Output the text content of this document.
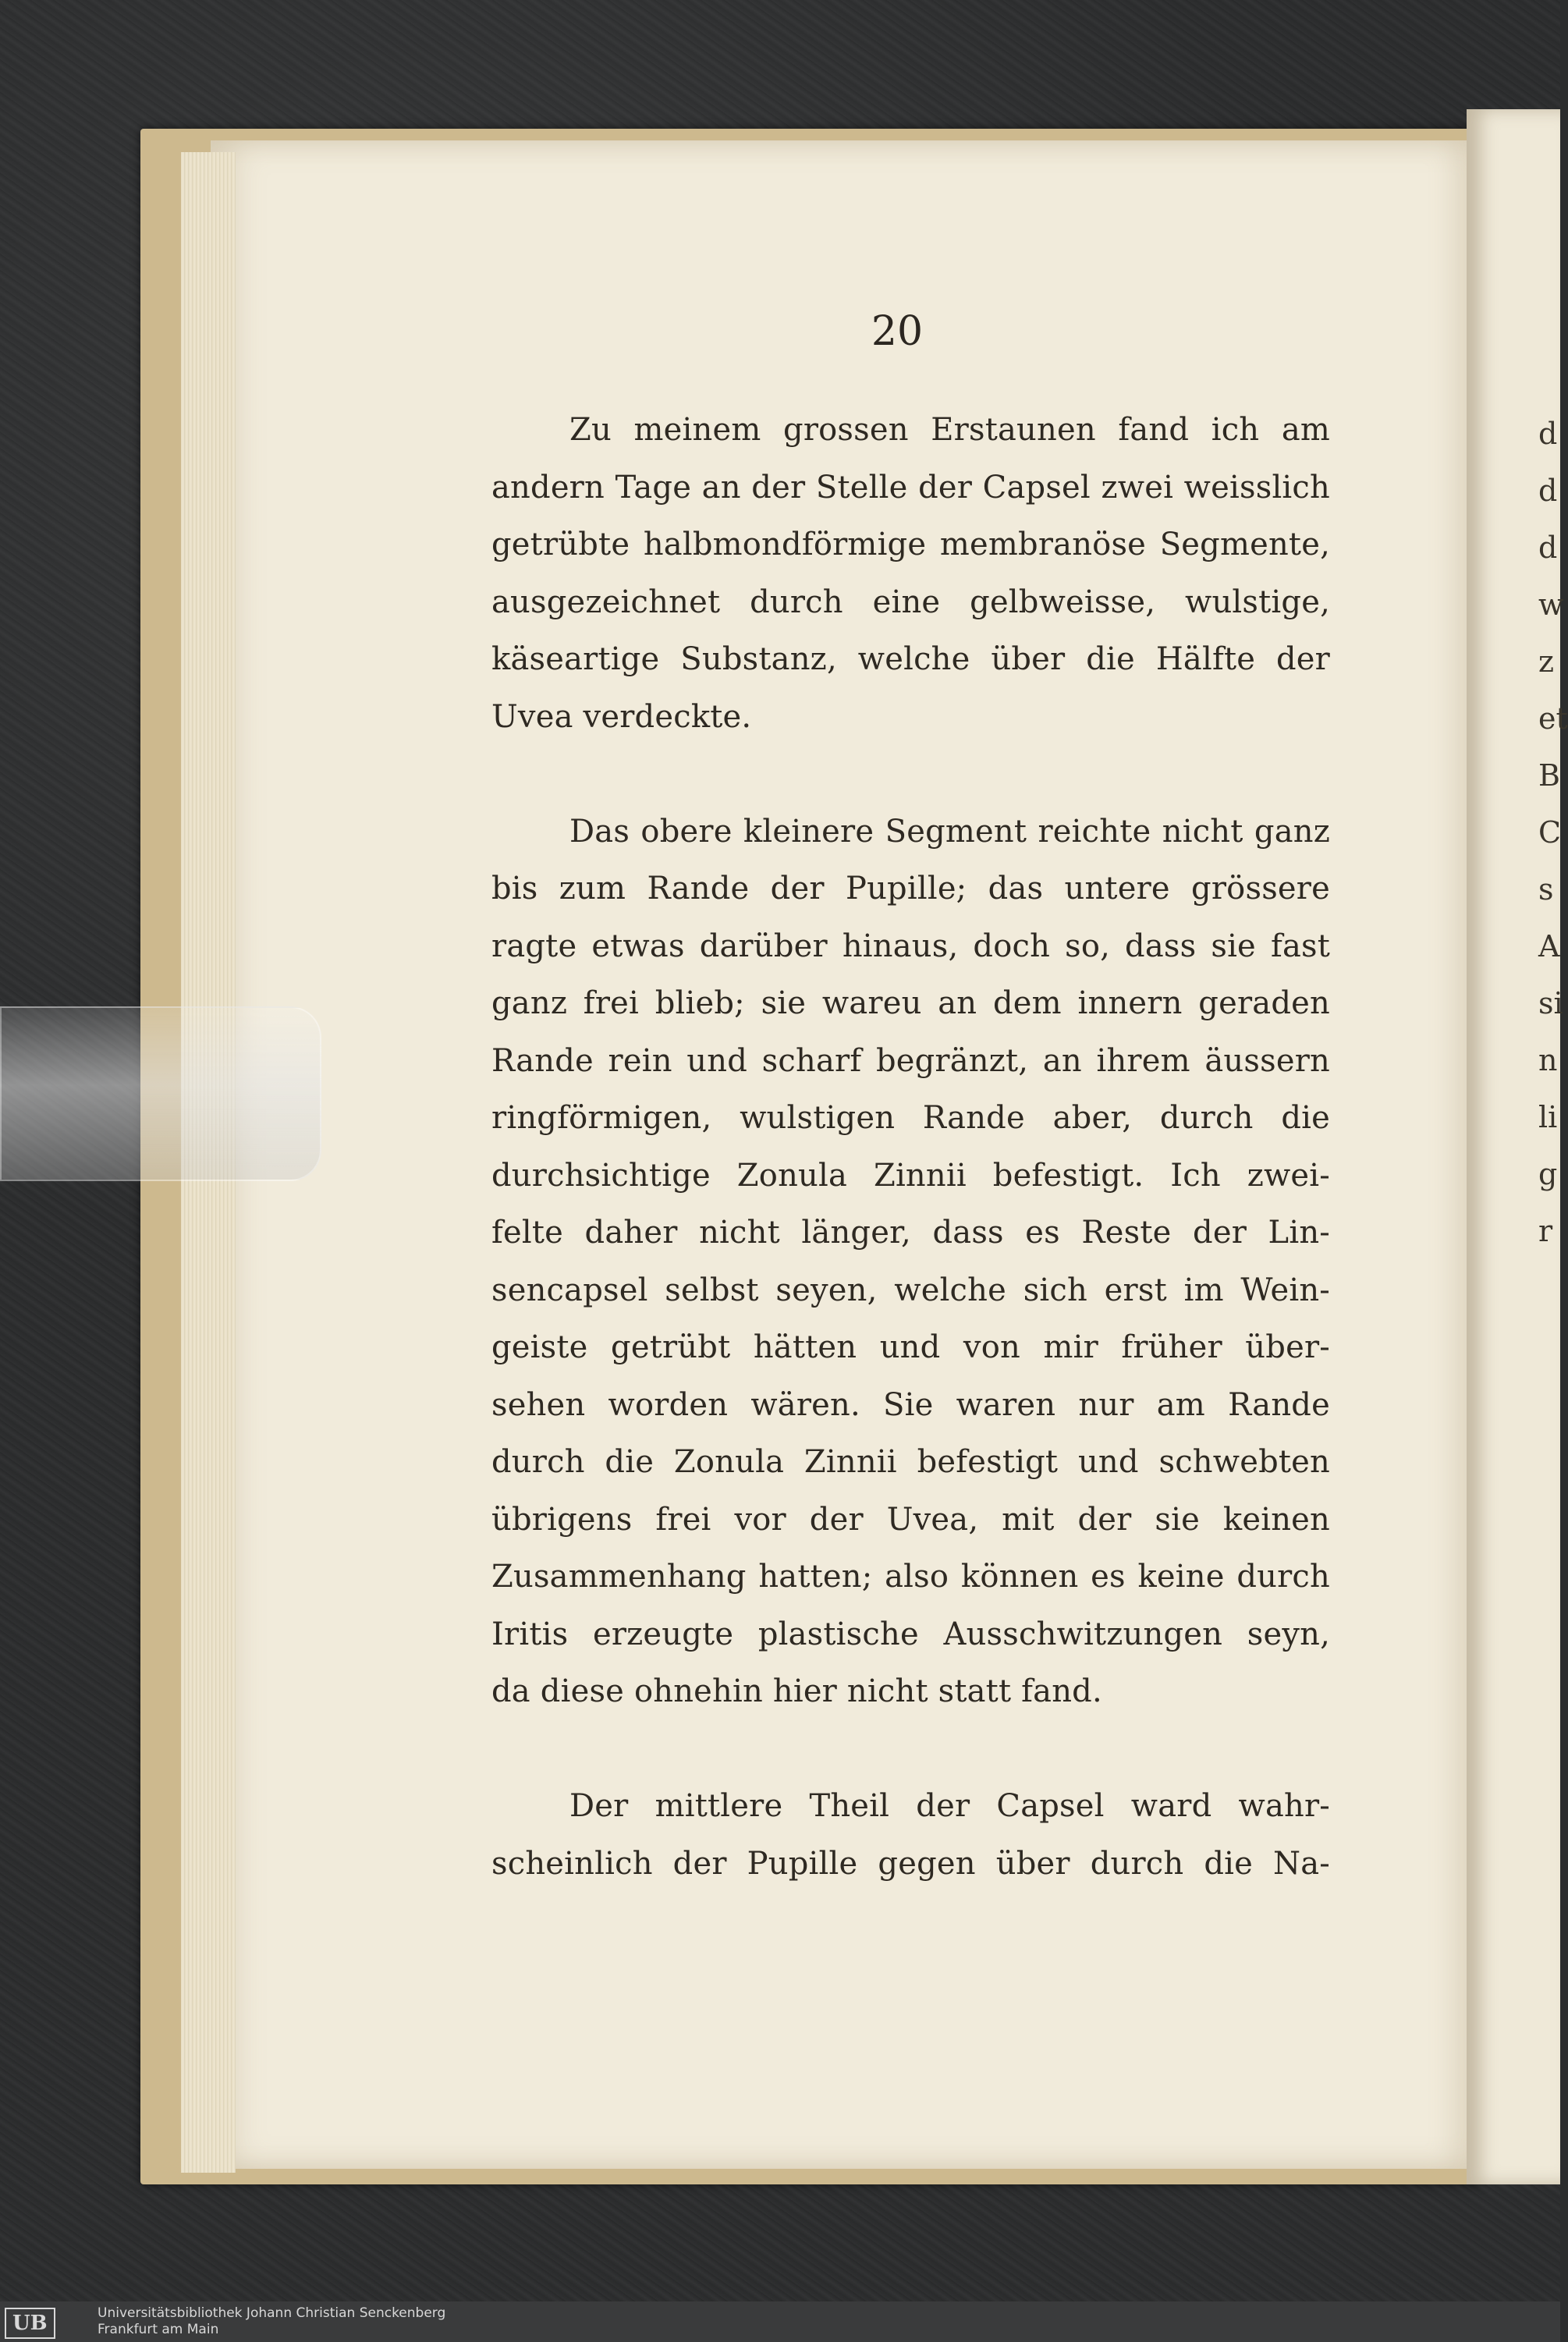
d
d
d
w
z
et
B
C
s
A
si
n
li
g
r
20
Zu meinem grossen Erstaunen fand ich am
andern Tage an der Stelle der Capsel zwei weisslich
getrübte halbmondförmige membranöse Segmente,
ausgezeichnet durch eine gelbweisse, wulstige,
käseartige Substanz, welche über die Hälfte der
Uvea verdeckte.
Das obere kleinere Segment reichte nicht ganz
bis zum Rande der Pupille; das untere grössere
ragte etwas darüber hinaus, doch so, dass sie fast
ganz frei blieb; sie wareu an dem innern geraden
Rande rein und scharf begränzt, an ihrem äussern
ringförmigen, wulstigen Rande aber, durch die
durchsichtige Zonula Zinnii befestigt. Ich zwei-
felte daher nicht länger, dass es Reste der Lin-
sencapsel selbst seyen, welche sich erst im Wein-
geiste getrübt hätten und von mir früher über-
sehen worden wären. Sie waren nur am Rande
durch die Zonula Zinnii befestigt und schwebten
übrigens frei vor der Uvea, mit der sie keinen
Zusammenhang hatten; also können es keine durch
Iritis erzeugte plastische Ausschwitzungen seyn,
da diese ohnehin hier nicht statt fand.
Der mittlere Theil der Capsel ward wahr-
scheinlich der Pupille gegen über durch die Na-
UB	Universitätsbibliothek Johann Christian Senckenberg
Frankfurt am Main
